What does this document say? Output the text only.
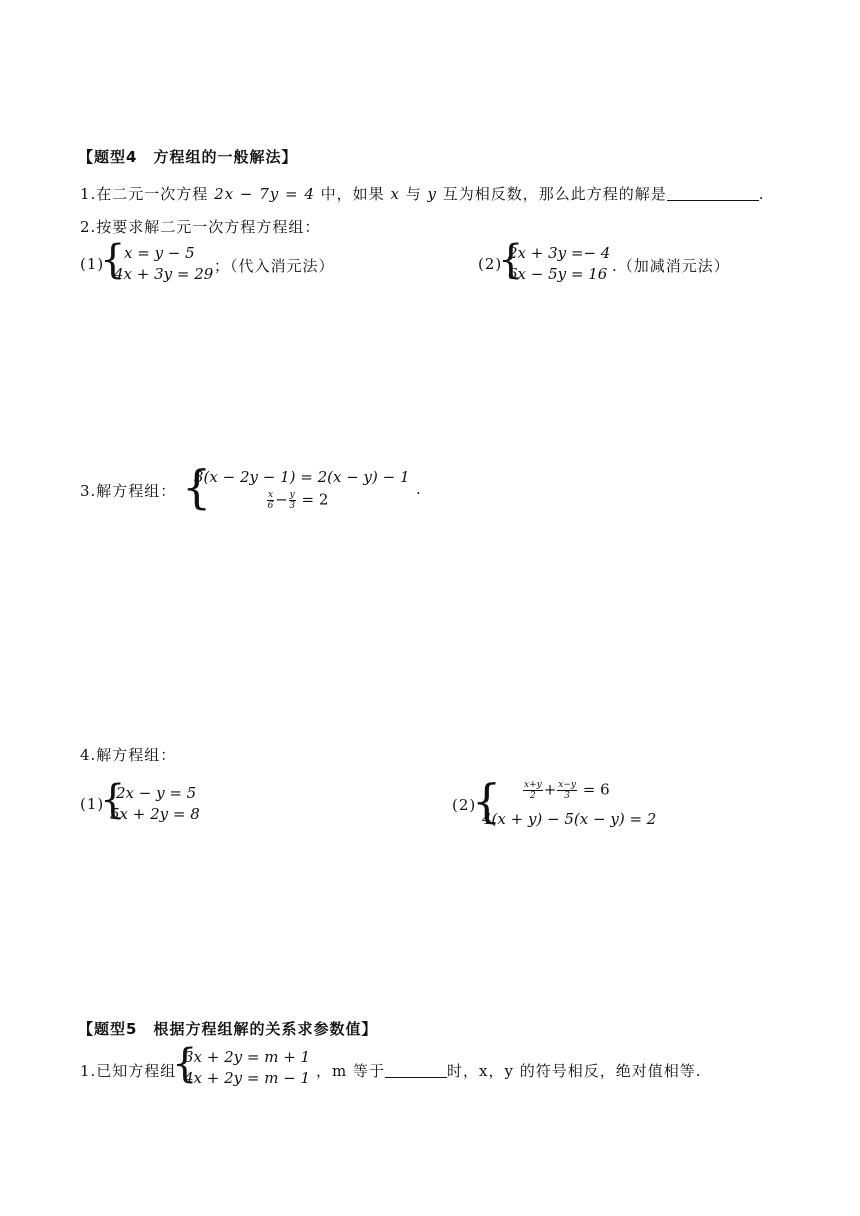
【题型4　方程组的一般解法】
1.在二元一次方程 2x − 7y = 4 中，如果 x 与 y 互为相反数，那么此方程的解是	.
2.按要求解二元一次方程方程组：
(1)
{
x = y − 5
4x + 3y = 29 ；（代入消元法）	(2)
{
2x + 3y =− 4
6x − 5y = 16 .（加减消元法）
3.解方程组： {
3(x − 2y − 1) = 2(x − y) − 1
$\frac{x}{6} - \frac{y}{3} = 2$
.
4.解方程组：
(1)
{
2x − y = 5
5x + 2y = 8	(2)
{ $\frac{x+y}{2} + \frac{x-y}{3} = 6$
4(x + y) − 5(x − y) = 2
【题型5　根据方程组解的关系求参数值】
1.已知方程组
{
3x + 2y = m + 1
4x + 2y = m − 1 ，m 等于	时，x，y 的符号相反，绝对值相等.
